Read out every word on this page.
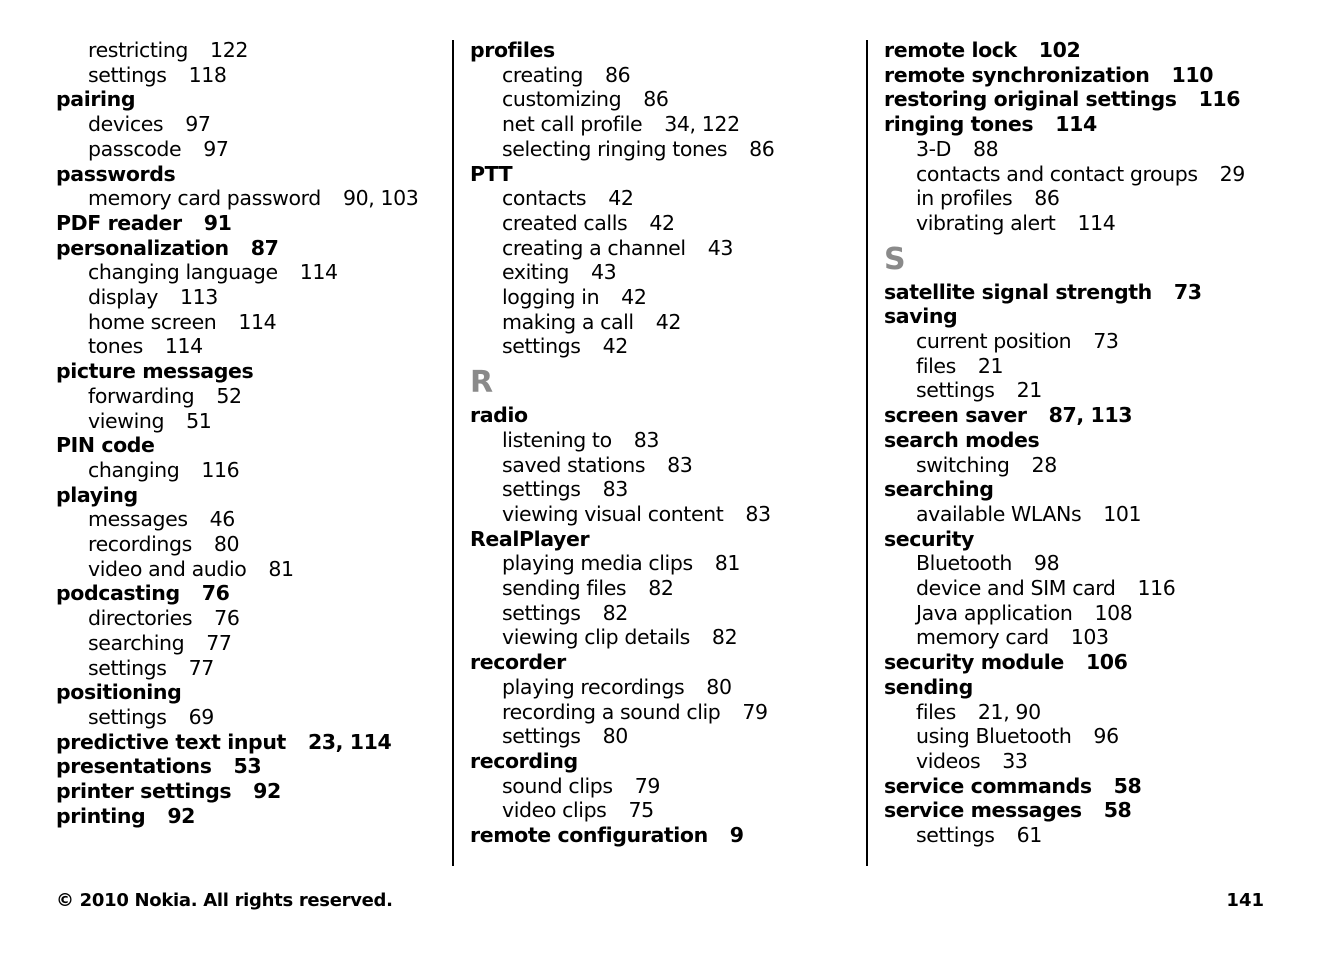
restricting 122
settings 118
pairing
devices 97
passcode 97
passwords
memory card password 90, 103
PDF reader 91
personalization 87
changing language 114
display 113
home screen 114
tones 114
picture messages
forwarding 52
viewing 51
PIN code
changing 116
playing
messages 46
recordings 80
video and audio 81
podcasting 76
directories 76
searching 77
settings 77
positioning
settings 69
predictive text input 23, 114
presentations 53
printer settings 92
printing 92
profiles
creating 86
customizing 86
net call profile 34, 122
selecting ringing tones 86
PTT
contacts 42
created calls 42
creating a channel 43
exiting 43
logging in 42
making a call 42
settings 42
R
radio
listening to 83
saved stations 83
settings 83
viewing visual content 83
RealPlayer
playing media clips 81
sending files 82
settings 82
viewing clip details 82
recorder
playing recordings 80
recording a sound clip 79
settings 80
recording
sound clips 79
video clips 75
remote configuration 9
remote lock 102
remote synchronization 110
restoring original settings 116
ringing tones 114
3-D 88
contacts and contact groups 29
in profiles 86
vibrating alert 114
S
satellite signal strength 73
saving
current position 73
files 21
settings 21
screen saver 87, 113
search modes
switching 28
searching
available WLANs 101
security
Bluetooth 98
device and SIM card 116
Java application 108
memory card 103
security module 106
sending
files 21, 90
using Bluetooth 96
videos 33
service commands 58
service messages 58
settings 61
© 2010 Nokia. All rights reserved.	141
